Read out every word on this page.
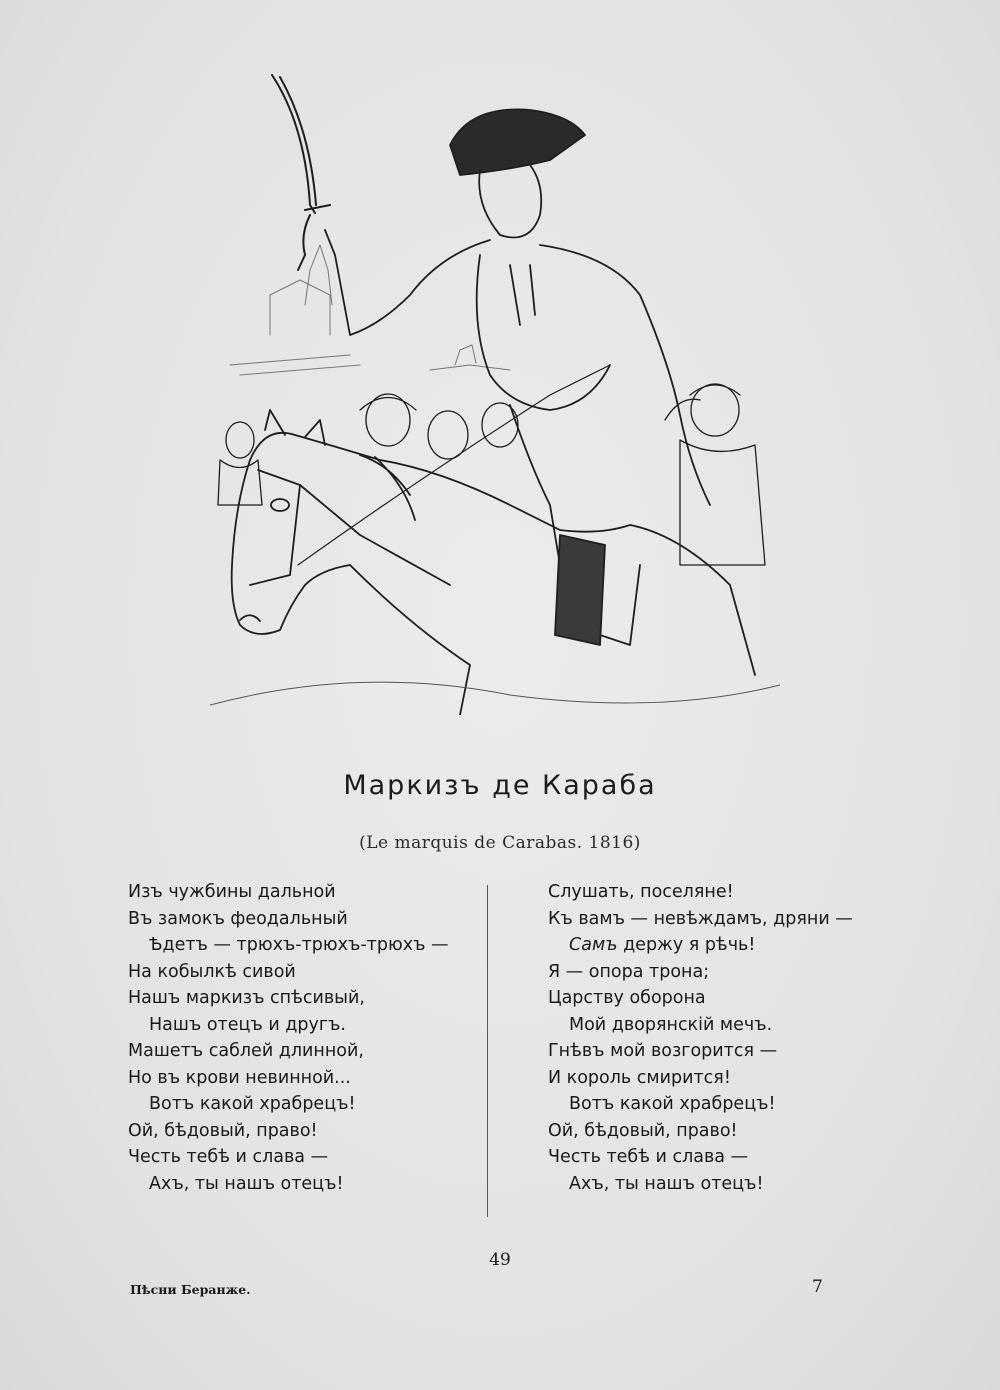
Маркизъ де Караба
(Le marquis de Carabas. 1816)
Изъ чужбины дальной
Въ замокъ феодальный
Ѣдетъ — трюхъ-трюхъ-трюхъ —
На кобылкѣ сивой
Нашъ маркизъ спѣсивый,
Нашъ отецъ и другъ.
Машетъ саблей длинной,
Но въ крови невинной...
Вотъ какой храбрецъ!
Ой, бѣдовый, право!
Честь тебѣ и слава —
Ахъ, ты нашъ отецъ!
Слушать, поселяне!
Къ вамъ — невѣждамъ, дряни —
Самъ держу я рѣчь!
Я — опора трона;
Царству оборона
Мой дворянскій мечъ.
Гнѣвъ мой возгорится —
И король смирится!
Вотъ какой храбрецъ!
Ой, бѣдовый, право!
Честь тебѣ и слава —
Ахъ, ты нашъ отецъ!
49
Пѣсни Беранже.	7
